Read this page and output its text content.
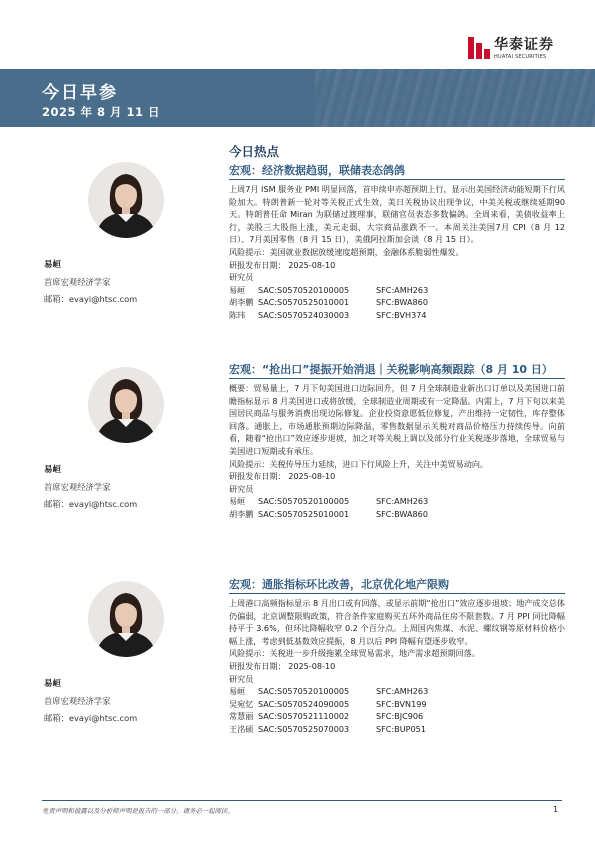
华泰证券
HUATAI SECURITIES
今日早参
2025 年 8 月 11 日
今日热点
易峘
首席宏观经济学家
邮箱：evayi@htsc.com
易峘
首席宏观经济学家
邮箱：evayi@htsc.com
易峘
首席宏观经济学家
邮箱：evayi@htsc.com
宏观：经济数据趋弱，联储表态鸽鸽
上周7月 ISM 服务业 PMI 明显回落，首申续申亦超预期上行，显示出美国经济动能短期下行风险加大。特朗普新一轮对等关税正式生效，美日关税协议出现争议，中美关税或继续延期90天。特朗普任命 Miran 为联储过渡理事，联储官员表态多数偏鸽。全周来看，美债收益率上行，美股三大股指上涨，美元走弱，大宗商品涨跌不一。本周关注美国7月 CPI（8 月 12 日）、7月美国零售（8 月 15 日），美俄阿拉斯加会谈（8 月 15 日）。
风险提示：美国就业数据放缓速度超预期，金融体系脆弱性爆发。
研报发布日期： 2025-08-10
研究员
易峘	SAC:S0570520100005	SFC:AMH263
胡李鹏 SAC:S0570525010001	SFC:BWA860
陈玮	SAC:S0570524030003	SFC:BVH374
宏观：“抢出口”提振开始消退｜关税影响高频跟踪（8 月 10 日）
概要：贸易量上，7 月下旬美国进口边际回升，但 7 月全球制造业新出口订单以及美国进口前瞻指标显示 8 月美国进口或将放缓，全球制造业周期或有一定降温。内需上，7 月下旬以来美国居民商品与服务消费出现边际修复。企业投资意愿低位修复，产出维持一定韧性，库存整体回落。通胀上，市场通胀预期边际降温，零售数据显示关税对商品价格压力持续传导。向前看，随着“抢出口”效应逐步退坡，加之对等关税上调以及部分行业关税逐步落地，全球贸易与美国进口短期或有承压。
风险提示：关税传导压力延续，进口下行风险上升，关注中美贸易动向。
研报发布日期： 2025-08-10
研究员
易峘	SAC:S0570520100005	SFC:AMH263
胡李鹏 SAC:S0570525010001	SFC:BWA860
宏观：通胀指标环比改善，北京优化地产限购
上周港口高频指标显示 8 月出口或有回落，或显示前期“抢出口”效应逐步退坡；地产成交总体仍偏弱，北京调整限购政策，符合条件家庭购买五环外商品住房不限套数。7 月 PPI 同比降幅持平于 3.6%，但环比降幅收窄 0.2 个百分点。上周国内焦煤、水泥、螺纹钢等原材料价格小幅上涨，考虑到低基数效应提振，8 月以后 PPI 降幅有望逐步收窄。
风险提示：关税进一步升级拖累全球贸易需求，地产需求超预期回落。
研报发布日期： 2025-08-10
研究员
易峘	SAC:S0570520100005	SFC:AMH263
吴宛忆 SAC:S0570524090005	SFC:BVN199
常慧丽 SAC:S0570521110002	SFC:BJC906
王洺硕 SAC:S0570525070003	SFC:BUP051
免责声明和披露以及分析师声明是报告的一部分，请务必一起阅读。	1
